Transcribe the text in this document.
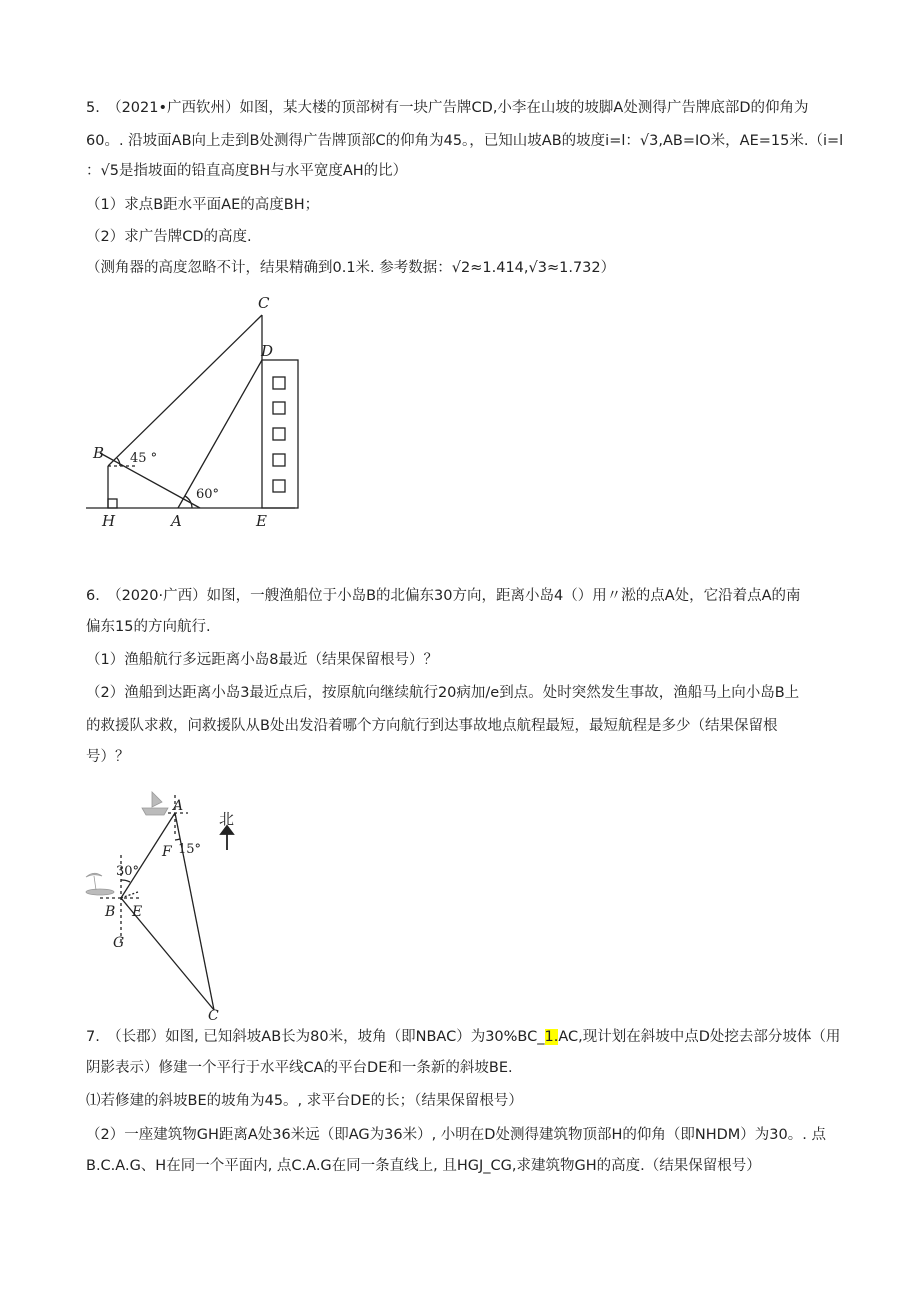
5.　（2021•广西钦州）如图，某大楼的顶部树有一块广告牌CD,小李在山坡的坡脚A处测得广告牌底部D的仰角为
60。. 沿坡面AB向上走到B处测得广告牌顶部C的仰角为45。，已知山坡AB的坡度i=l：√3,AB=IO米，AE=15米.（i=l
：√5是指坡面的铅直高度BH与水平宽度AH的比）
（1）求点B距水平面AE的高度BH；
（2）求广告牌CD的高度.
（测角器的高度忽略不计，结果精确到0.1米. 参考数据：√2≈1.414,√3≈1.732）
C
D
B
H	A	E
45 °
60°
6.　（2020·广西）如图，一艘渔船位于小岛B的北偏东30方向，距离小岛4（）用〃淞的点A处，它沿着点A的南
偏东15的方向航行.
（1）渔船航行多远距离小岛8最近（结果保留根号）？
（2）渔船到达距离小岛3最近点后，按原航向继续航行20病加/e到点。处时突然发生事故，渔船马上向小岛B上
的救援队求救，问救援队从B处出发沿着哪个方向航行到达事故地点航程最短，最短航程是多少（结果保留根
号）？
北
A
F
B E
G
C
30°
15°
7.　（长郡）如图, 已知斜坡AB长为80米，坡角（即NBAC）为30%BC_1.AC,现计划在斜坡中点D处挖去部分坡体（用
阴影表示）修建一个平行于水平线CA的平台DE和一条新的斜坡BE.
⑴若修建的斜坡BE的坡角为45。, 求平台DE的长；（结果保留根号）
（2）一座建筑物GH距离A处36米远（即AG为36米）, 小明在D处测得建筑物顶部H的仰角（即NHDM）为30。. 点
B.C.A.G、H在同一个平面内, 点C.A.G在同一条直线上, 且HGJ_CG,求建筑物GH的高度.（结果保留根号）
